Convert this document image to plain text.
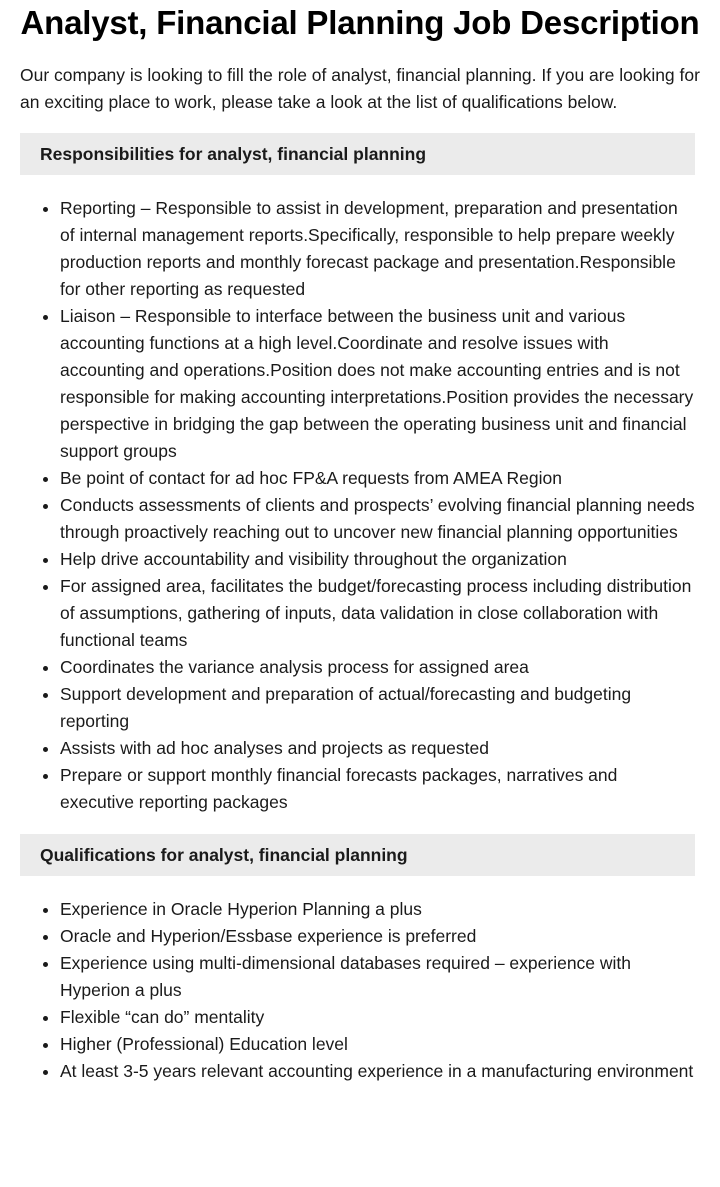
Analyst, Financial Planning Job Description

Our company is looking to fill the role of analyst, financial planning. If you are looking for an exciting place to work, please take a look at the list of qualifications below.

Responsibilities for analyst, financial planning
• Reporting – Responsible to assist in development, preparation and presentation of internal management reports.Specifically, responsible to help prepare weekly production reports and monthly forecast package and presentation.Responsible for other reporting as requested
• Liaison – Responsible to interface between the business unit and various accounting functions at a high level.Coordinate and resolve issues with accounting and operations.Position does not make accounting entries and is not responsible for making accounting interpretations.Position provides the necessary perspective in bridging the gap between the operating business unit and financial support groups
• Be point of contact for ad hoc FP&A requests from AMEA Region
• Conducts assessments of clients and prospects’ evolving financial planning needs through proactively reaching out to uncover new financial planning opportunities
• Help drive accountability and visibility throughout the organization
• For assigned area, facilitates the budget/forecasting process including distribution of assumptions, gathering of inputs, data validation in close collaboration with functional teams
• Coordinates the variance analysis process for assigned area
• Support development and preparation of actual/forecasting and budgeting reporting
• Assists with ad hoc analyses and projects as requested
• Prepare or support monthly financial forecasts packages, narratives and executive reporting packages
Qualifications for analyst, financial planning
• Experience in Oracle Hyperion Planning a plus
• Oracle and Hyperion/Essbase experience is preferred
• Experience using multi-dimensional databases required – experience with Hyperion a plus
• Flexible “can do” mentality
• Higher (Professional) Education level
• At least 3-5 years relevant accounting experience in a manufacturing environment
